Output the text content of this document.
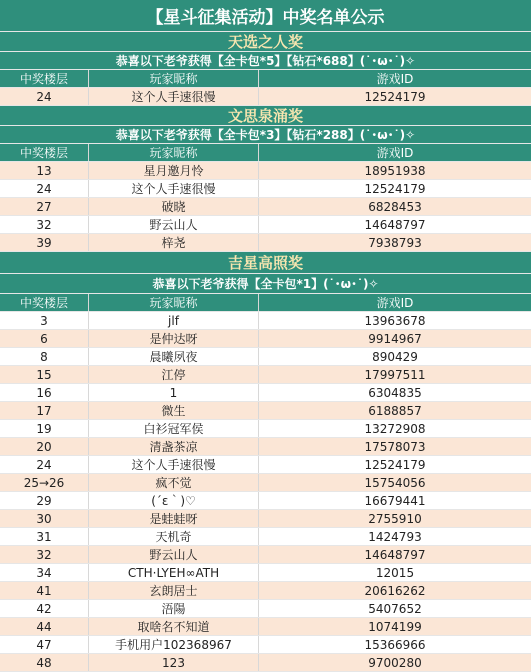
【星斗征集活动】中奖名单公示
天选之人奖
恭喜以下老爷获得【全卡包*5】【钻石*688】(˙･ω･˙)✧
中奖楼层	玩家昵称	游戏ID
24	这个人手速很慢	12524179
文思泉涌奖
恭喜以下老爷获得【全卡包*3】【钻石*288】(˙･ω･˙)✧
中奖楼层	玩家昵称	游戏ID
13	星月邀月怜	18951938
24	这个人手速很慢	12524179
27	破晓	6828453
32	野云山人	14648797
39	梓尧	7938793
吉星高照奖
恭喜以下老爷获得【全卡包*1】(˙･ω･˙)✧
中奖楼层	玩家昵称	游戏ID
3	jlf	13963678
6	是仲达呀	9914967
8	晨曦夙夜	890429
15	江停	17997511
16	1	6304835
17	微生	6188857
19	白衫冠军侯	13272908
20	清盏茶凉	17578073
24	这个人手速很慢	12524179
25→26	疯不觉	15754056
29	(´ε｀)♡	16679441
30	是蛙蛙呀	2755910
31	天机奇	1424793
32	野云山人	14648797
34	CTH·LYEH∞ATH	12015
41	玄朗居士	20616262
42	浯陽	5407652
44	取啥名不知道	1074199
47	手机用户102368967	15366966
48	123	9700280
